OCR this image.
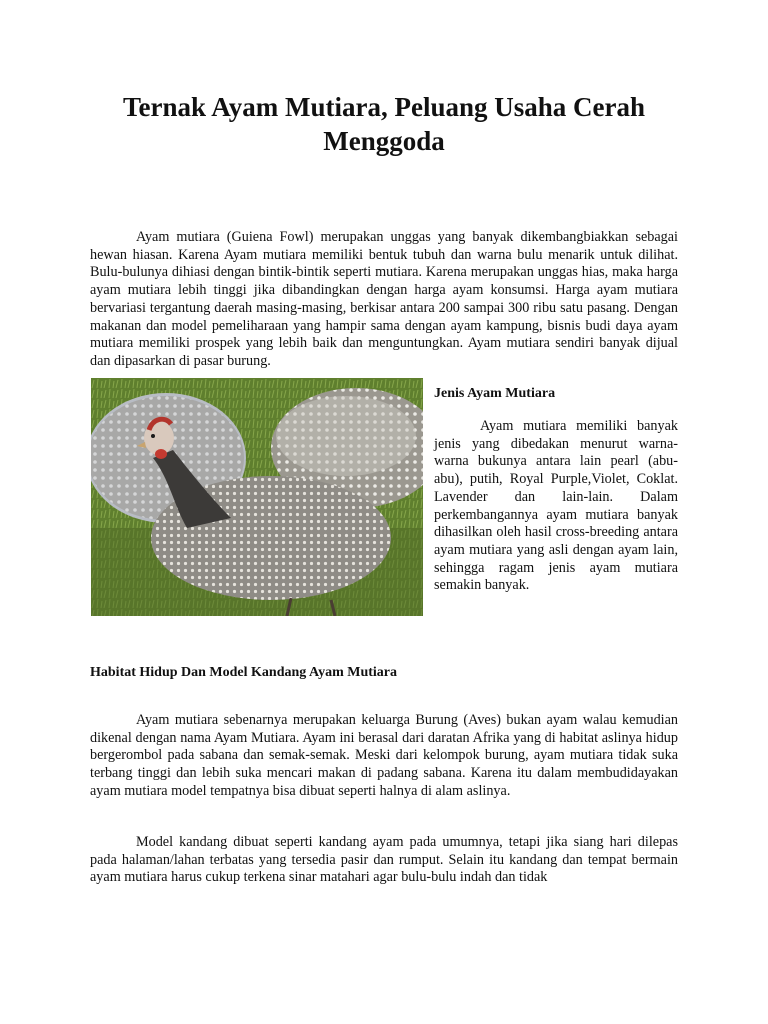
Ternak Ayam Mutiara, Peluang Usaha Cerah Menggoda

Ayam mutiara (Guiena Fowl) merupakan unggas yang banyak dikembangbiakkan sebagai hewan hiasan. Karena Ayam mutiara memiliki bentuk tubuh dan warna bulu menarik untuk dilihat. Bulu-bulunya dihiasi dengan bintik-bintik seperti mutiara. Karena merupakan unggas hias, maka harga ayam mutiara lebih tinggi jika dibandingkan dengan harga ayam konsumsi. Harga ayam mutiara bervariasi tergantung daerah masing-masing, berkisar antara 200 sampai 300 ribu satu pasang. Dengan makanan dan model pemeliharaan yang hampir sama dengan ayam kampung, bisnis budi daya ayam mutiara memiliki prospek yang lebih baik dan menguntungkan. Ayam mutiara sendiri banyak dijual dan dipasarkan di pasar burung.

Jenis Ayam Mutiara

Ayam mutiara memiliki banyak jenis yang dibedakan menurut warna-warna bukunya antara lain pearl (abu-abu), putih, Royal Purple,Violet, Coklat. Lavender dan lain-lain. Dalam perkembangannya ayam mutiara banyak dihasilkan oleh hasil cross-breeding antara ayam mutiara yang asli dengan ayam lain, sehingga ragam jenis ayam mutiara semakin banyak.

Habitat Hidup Dan Model Kandang Ayam Mutiara

Ayam mutiara sebenarnya merupakan keluarga Burung (Aves) bukan ayam walau kemudian dikenal dengan nama Ayam Mutiara. Ayam ini berasal dari daratan Afrika yang di habitat aslinya hidup bergerombol pada sabana dan semak-semak. Meski dari kelompok burung, ayam mutiara tidak suka terbang tinggi dan lebih suka mencari makan di padang sabana. Karena itu dalam membudidayakan ayam mutiara model tempatnya bisa dibuat seperti halnya di alam aslinya.

Model kandang dibuat seperti kandang ayam pada umumnya, tetapi jika siang hari dilepas pada halaman/lahan terbatas yang tersedia pasir dan rumput. Selain itu kandang dan tempat bermain ayam mutiara harus cukup terkena sinar matahari agar bulu-bulu indah dan tidak
